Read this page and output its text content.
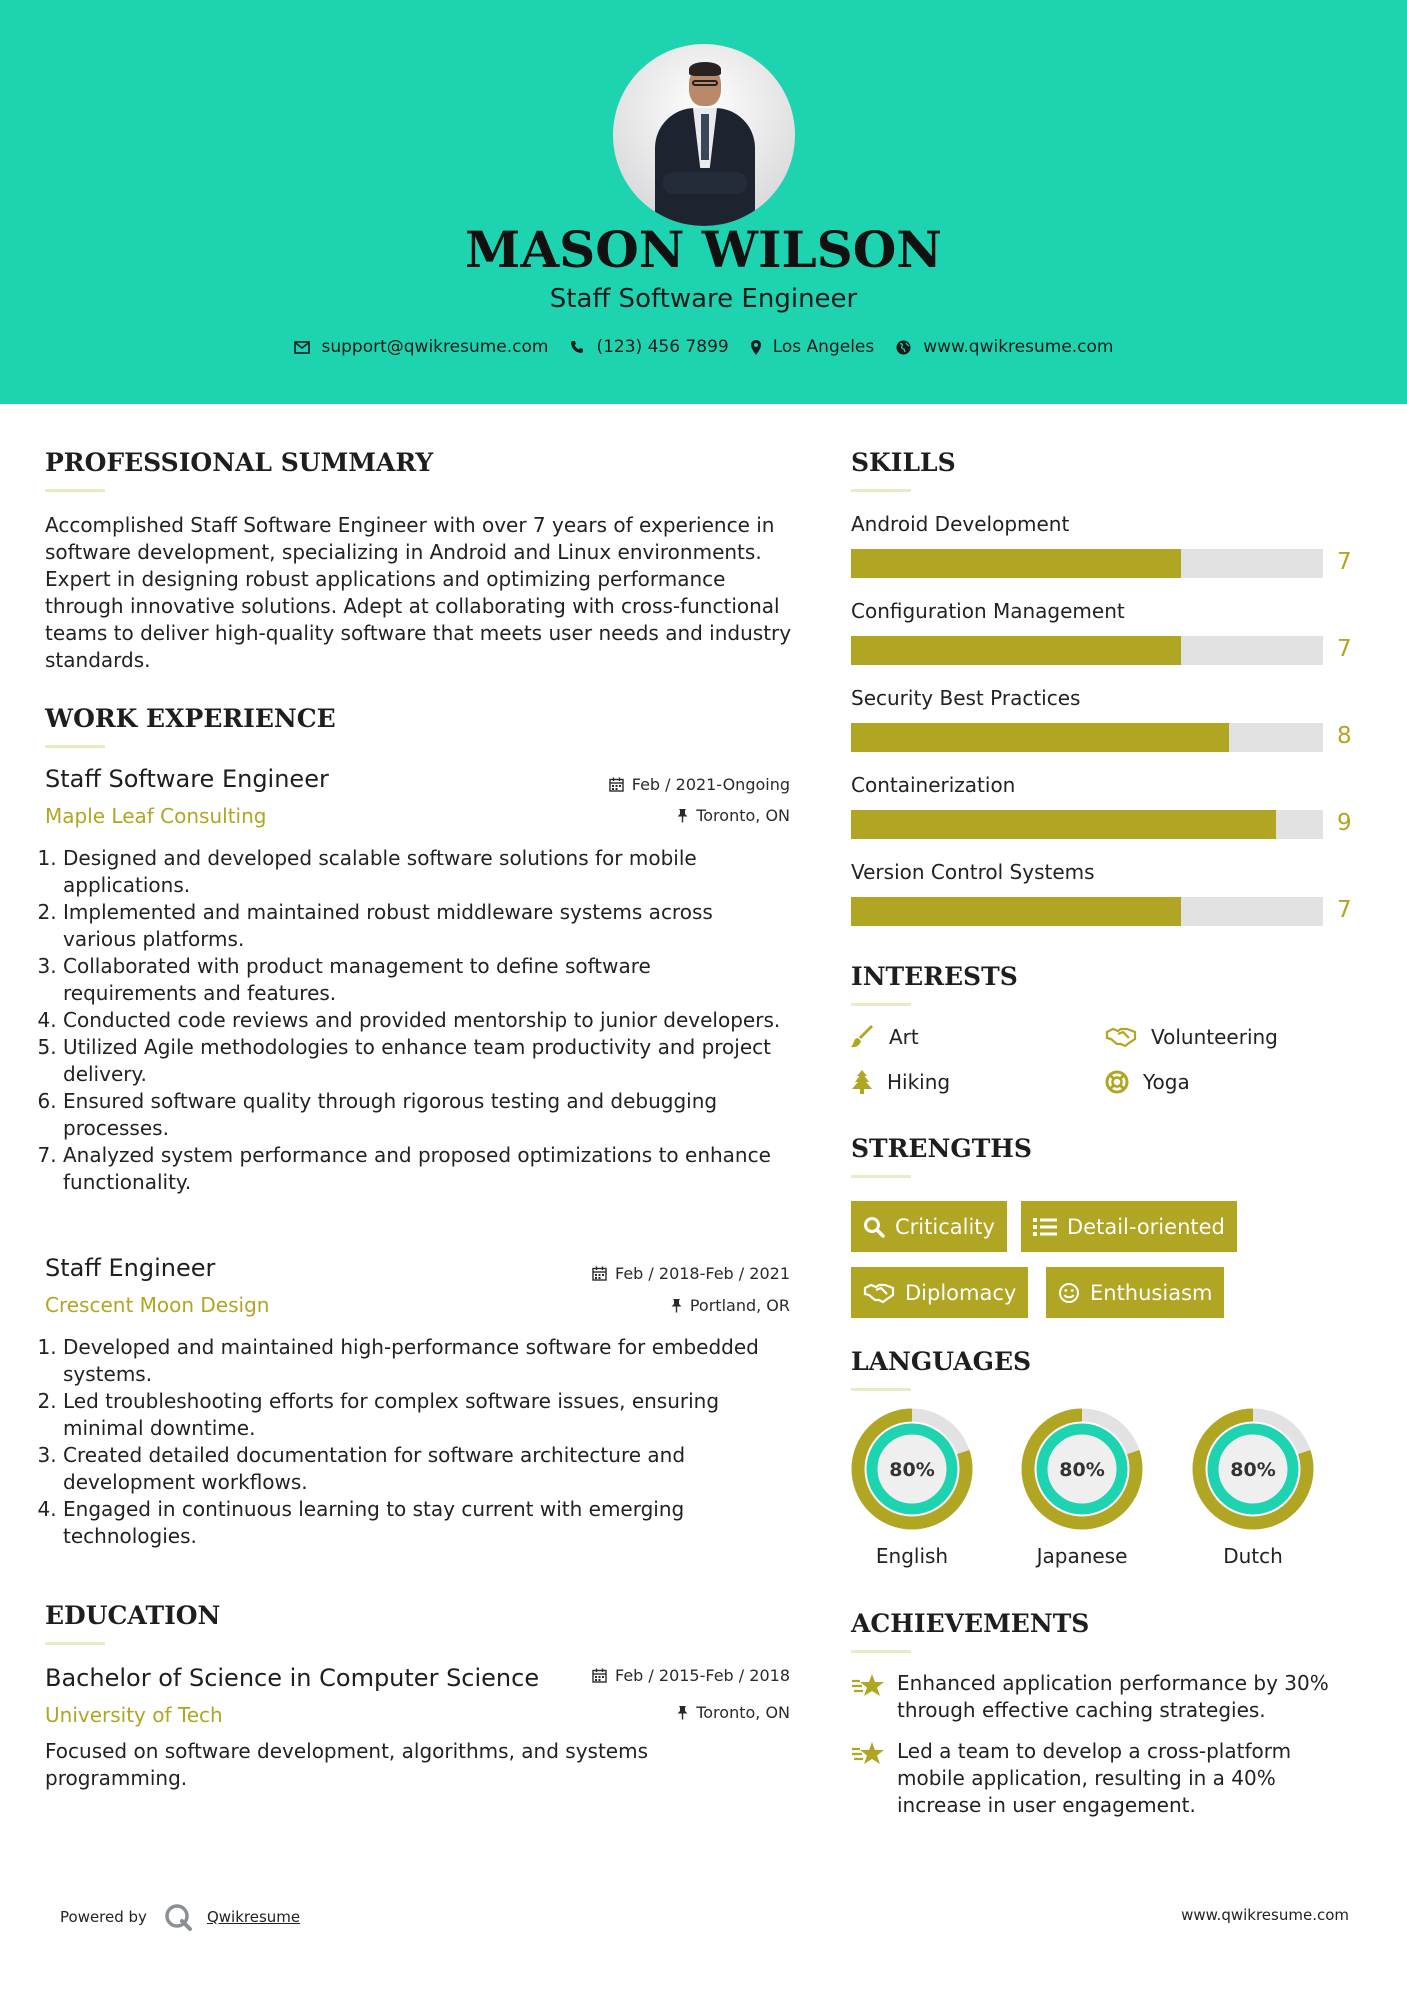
MASON WILSON
Staff Software Engineer
support@qwikresume.com	(123) 456 7899	Los Angeles	www.qwikresume.com
PROFESSIONAL SUMMARY
Accomplished Staff Software Engineer with over 7 years of experience in software development, specializing in Android and Linux environments. Expert in designing robust applications and optimizing performance through innovative solutions. Adept at collaborating with cross-functional teams to deliver high-quality software that meets user needs and industry standards.
WORK EXPERIENCE
Staff Software Engineer
Maple Leaf Consulting
Feb / 2021-Ongoing
Toronto, ON
1. Designed and developed scalable software solutions for mobile applications.
2. Implemented and maintained robust middleware systems across various platforms.
3. Collaborated with product management to define software requirements and features.
4. Conducted code reviews and provided mentorship to junior developers.
5. Utilized Agile methodologies to enhance team productivity and project delivery.
6. Ensured software quality through rigorous testing and debugging processes.
7. Analyzed system performance and proposed optimizations to enhance functionality.
Staff Engineer
Crescent Moon Design
Feb / 2018-Feb / 2021
Portland, OR
1. Developed and maintained high-performance software for embedded systems.
2. Led troubleshooting efforts for complex software issues, ensuring minimal downtime.
3. Created detailed documentation for software architecture and development workflows.
4. Engaged in continuous learning to stay current with emerging technologies.
EDUCATION
Bachelor of Science in Computer Science
University of Tech
Feb / 2015-Feb / 2018
Toronto, ON
Focused on software development, algorithms, and systems programming.
SKILLS
Android Development
7
Configuration Management
7
Security Best Practices
8
Containerization
9
Version Control Systems
7
INTERESTS
Art	Volunteering
Hiking	Yoga
STRENGTHS
Criticality	Detail-oriented
Diplomacy	Enthusiasm
LANGUAGES
80%
English
80%
Japanese
80%
Dutch
ACHIEVEMENTS
Enhanced application performance by 30% through effective caching strategies.
Led a team to develop a cross-platform mobile application, resulting in a 40% increase in user engagement.
Powered by	Qwikresume	www.qwikresume.com
